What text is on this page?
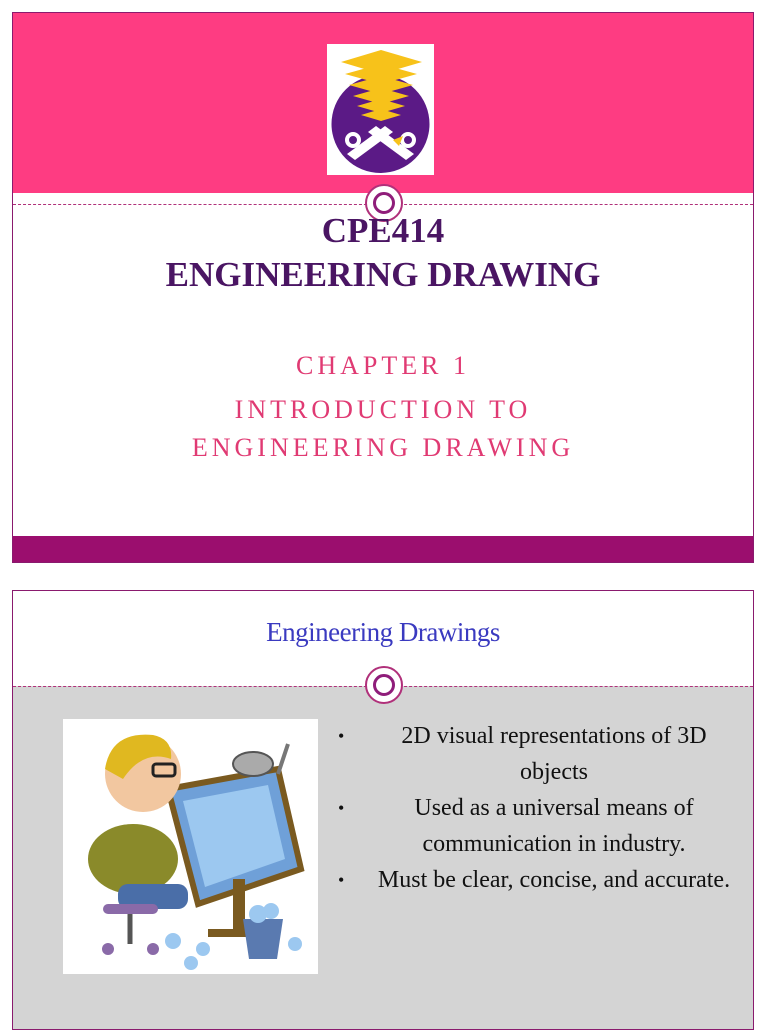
CPE414
ENGINEERING DRAWING
CHAPTER 1
INTRODUCTION TO
ENGINEERING DRAWING
Engineering Drawings
• 2D visual representations of 3D objects
•	Used as a universal means of communication in industry.
• Must be clear, concise, and accurate.
